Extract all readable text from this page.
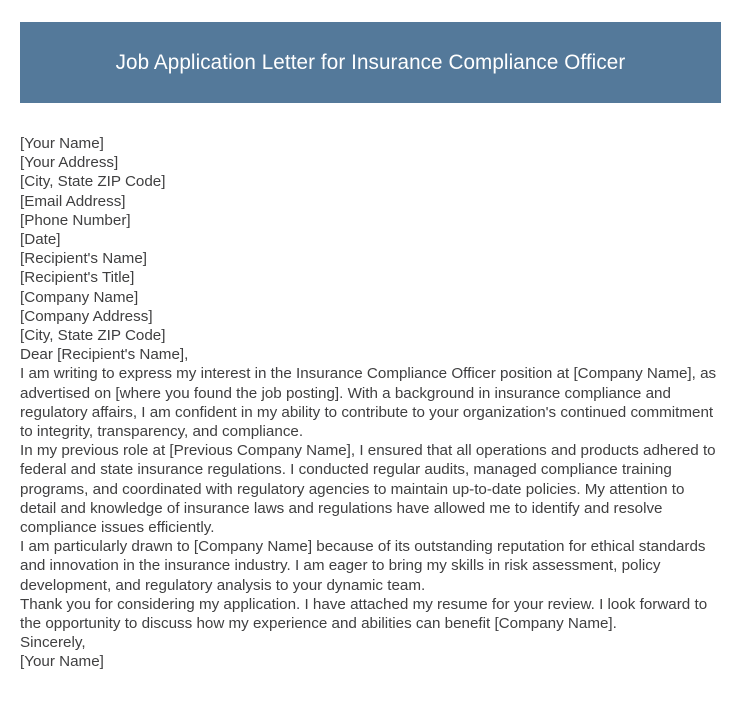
Job Application Letter for Insurance Compliance Officer
[Your Name]
[Your Address]
[City, State ZIP Code]
[Email Address]
[Phone Number]
[Date]
[Recipient's Name]
[Recipient's Title]
[Company Name]
[Company Address]
[City, State ZIP Code]
Dear [Recipient's Name],
I am writing to express my interest in the Insurance Compliance Officer position at [Company Name], as advertised on [where you found the job posting]. With a background in insurance compliance and regulatory affairs, I am confident in my ability to contribute to your organization's continued commitment to integrity, transparency, and compliance.
In my previous role at [Previous Company Name], I ensured that all operations and products adhered to federal and state insurance regulations. I conducted regular audits, managed compliance training programs, and coordinated with regulatory agencies to maintain up-to-date policies. My attention to detail and knowledge of insurance laws and regulations have allowed me to identify and resolve compliance issues efficiently.
I am particularly drawn to [Company Name] because of its outstanding reputation for ethical standards and innovation in the insurance industry. I am eager to bring my skills in risk assessment, policy development, and regulatory analysis to your dynamic team.
Thank you for considering my application. I have attached my resume for your review. I look forward to the opportunity to discuss how my experience and abilities can benefit [Company Name].
Sincerely,
[Your Name]
